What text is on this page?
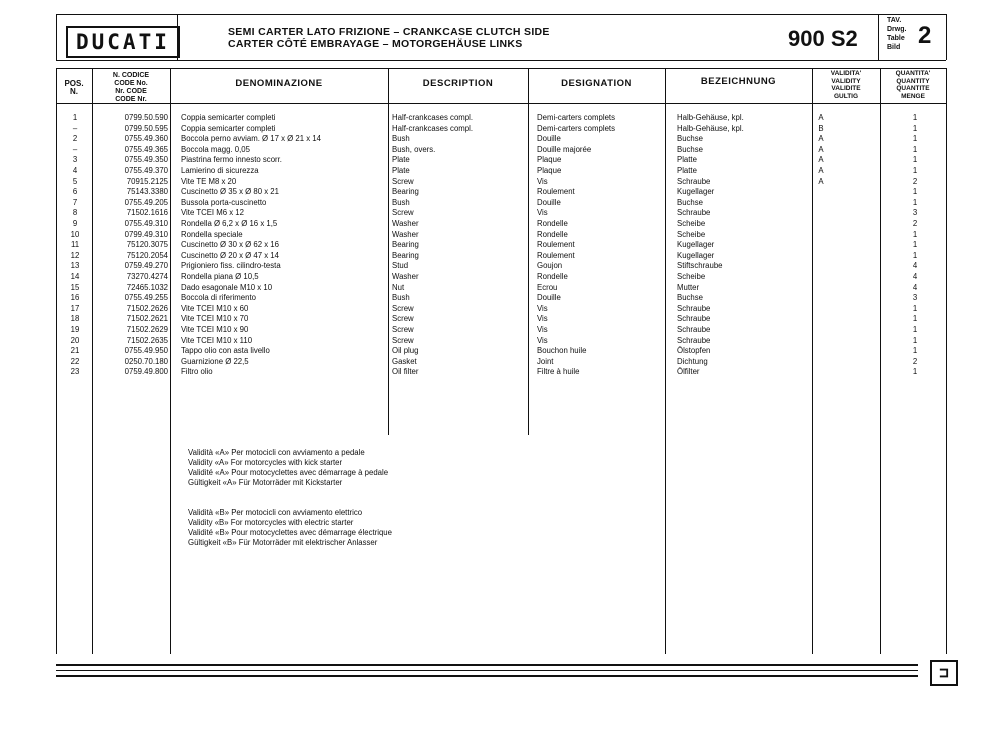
DUCATI	SEMI CARTER LATO FRIZIONE – CRANKCASE CLUTCH SIDE
CARTER CÔTÉ EMBRAYAGE – MOTORGEHÄUSE LINKS	900 S2
TAV.
Drwg.
Table
Bild 2
POS.
N.
N. CODICE
CODE No.
Nr. CODE
CODE Nr.
DENOMINAZIONE	DESCRIPTION	DESIGNATION	BEZEICHNUNG
VALIDITA'
VALIDITY
VALIDITE
GULTIG
QUANTITA'
QUANTITY
QUANTITE
MENGE
1	0799.50.590 Coppia semicarter completi	Half-crankcases compl.	Demi-carters complets	Halb-Gehäuse, kpl.	A	1
–	0799.50.595 Coppia semicarter completi	Half-crankcases compl.	Demi-carters complets	Halb-Gehäuse, kpl.	B	1
2	0755.49.360 Boccola perno avviam. Ø 17 x Ø 21 x 14	Bush	Douille	Buchse	A	1
–	0755.49.365 Boccola magg. 0,05	Bush, overs.	Douille majorée	Buchse	A	1
3	0755.49.350 Piastrina fermo innesto scorr.	Plate	Plaque	Platte	A	1
4	0755.49.370 Lamierino di sicurezza	Plate	Plaque	Platte	A	1
5	70915.2125 Vite TE M8 x 20	Screw	Vis	Schraube	A	2
6	75143.3380 Cuscinetto Ø 35 x Ø 80 x 21	Bearing	Roulement	Kugellager	1
7	0755.49.205 Bussola porta-cuscinetto	Bush	Douille	Buchse	1
8	71502.1616 Vite TCEI M6 x 12	Screw	Vis	Schraube	3
9	0755.49.310 Rondella Ø 6,2 x Ø 16 x 1,5	Washer	Rondelle	Scheibe	2
10	0799.49.310 Rondella speciale	Washer	Rondelle	Scheibe	1
11	75120.3075 Cuscinetto Ø 30 x Ø 62 x 16	Bearing	Roulement	Kugellager	1
12	75120.2054 Cuscinetto Ø 20 x Ø 47 x 14	Bearing	Roulement	Kugellager	1
13	0759.49.270 Prigioniero fiss. cilindro-testa	Stud	Goujon	Stiftschraube	4
14	73270.4274 Rondella piana Ø 10,5	Washer	Rondelle	Scheibe	4
15	72465.1032 Dado esagonale M10 x 10	Nut	Ecrou	Mutter	4
16	0755.49.255 Boccola di riferimento	Bush	Douille	Buchse	3
17	71502.2626 Vite TCEI M10 x 60	Screw	Vis	Schraube	1
18	71502.2621 Vite TCEI M10 x 70	Screw	Vis	Schraube	1
19	71502.2629 Vite TCEI M10 x 90	Screw	Vis	Schraube	1
20	71502.2635 Vite TCEI M10 x 110	Screw	Vis	Schraube	1
21	0755.49.950 Tappo olio con asta livello	Oil plug	Bouchon huile	Ölstopfen	1
22	0250.70.180 Guarnizione Ø 22,5	Gasket	Joint	Dichtung	2
23	0759.49.800 Filtro olio	Oil filter	Filtre à huile	Ölfilter	1
Validità «A» Per motocicli con avviamento a pedale
Validity «A» For motorcycles with kick starter
Validité «A» Pour motocyclettes avec démarrage à pedale
Gültigkeit «A» Für Motorräder mit Kickstarter
Validità «B» Per motocicli con avviamento elettrico
Validity «B» For motorcycles with electric starter
Validité «B» Pour motocyclettes avec démarrage électrique
Gültigkeit «B» Für Motorräder mit elektrischer Anlasser
⊐
